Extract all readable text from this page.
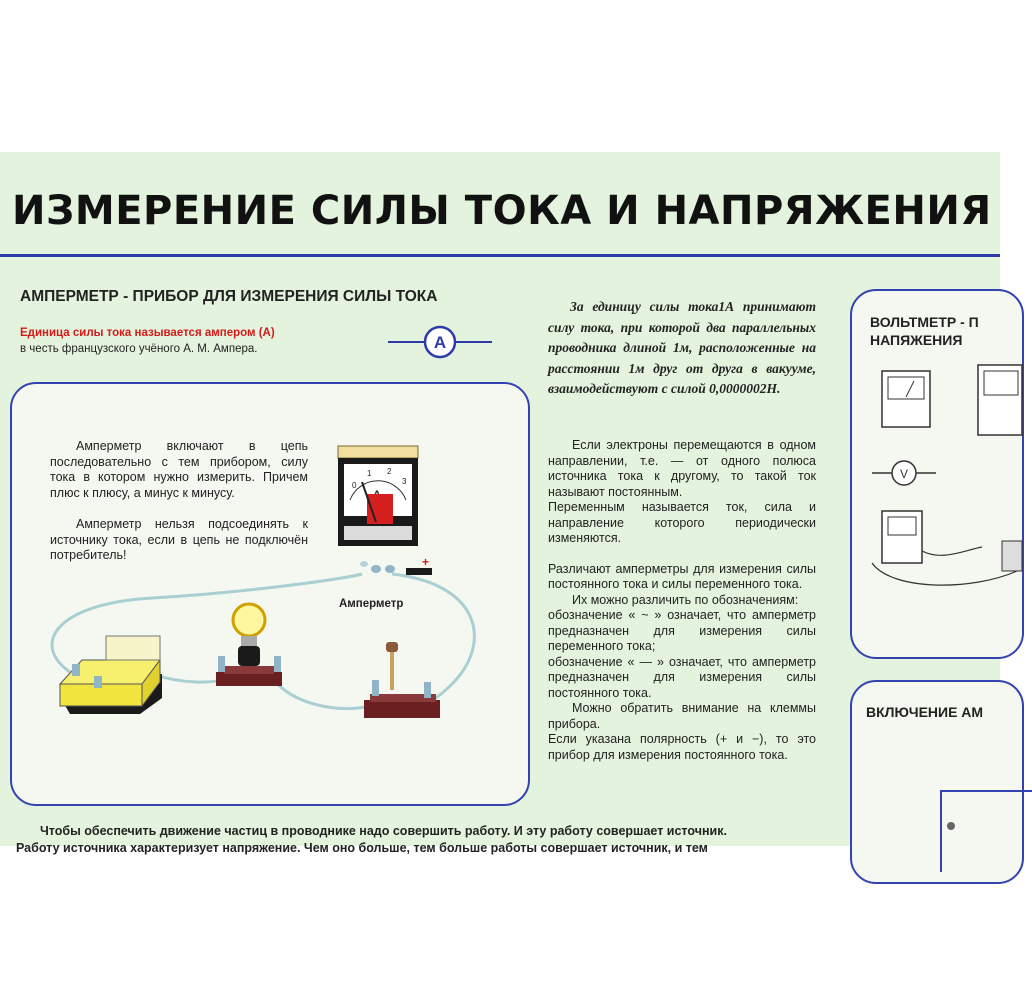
ИЗМЕРЕНИЕ СИЛЫ ТОКА И НАПРЯЖЕНИЯ
АМПЕРМЕТР - ПРИБОР ДЛЯ ИЗМЕРЕНИЯ СИЛЫ ТОКА
Единица силы тока называется ампером (А)
в честь французского учёного А. М. Ампера.	A

Амперметр включают в цепь последовательно с тем прибором, силу тока в котором нужно измерить. Причем плюс к плюсу, а минус к минусу.

Амперметр нельзя подсоединять к источнику тока, если в цепь не подключён потребитель!

0
1 2
3
+
Амперметр

За единицу силы тока1А принимают силу тока, при которой два параллельных проводника длиной 1м, расположенные на расстоянии 1м друг от друга в вакууме, взаимодействуют с силой 0,0000002Н.

Если электроны перемещаются в одном направлении, т.е. — от одного полюса источника тока к другому, то такой ток называют постоянным.

Переменным называется ток, сила и направление которого периодически изменяются.

Различают амперметры для измерения силы постоянного тока и силы переменного тока.

Их можно различить по обозначениям:

обозначение « ~ » означает, что амперметр предназначен для измерения силы переменного тока;

обозначение « — » означает, что амперметр предназначен для измерения силы постоянного тока.

Можно обратить внимание на клеммы прибора.

Если указана полярность (+ и −), то это прибор для измерения постоянного тока.

Чтобы обеспечить движение частиц в проводнике надо совершить работу. И эту работу совершает источник.
Работу источника характеризует напряжение. Чем оно больше, тем больше работы совершает источник, и тем
ВОЛЬТМЕТР - П
НАПЯЖЕНИЯ
V
ВКЛЮЧЕНИЕ АМ
